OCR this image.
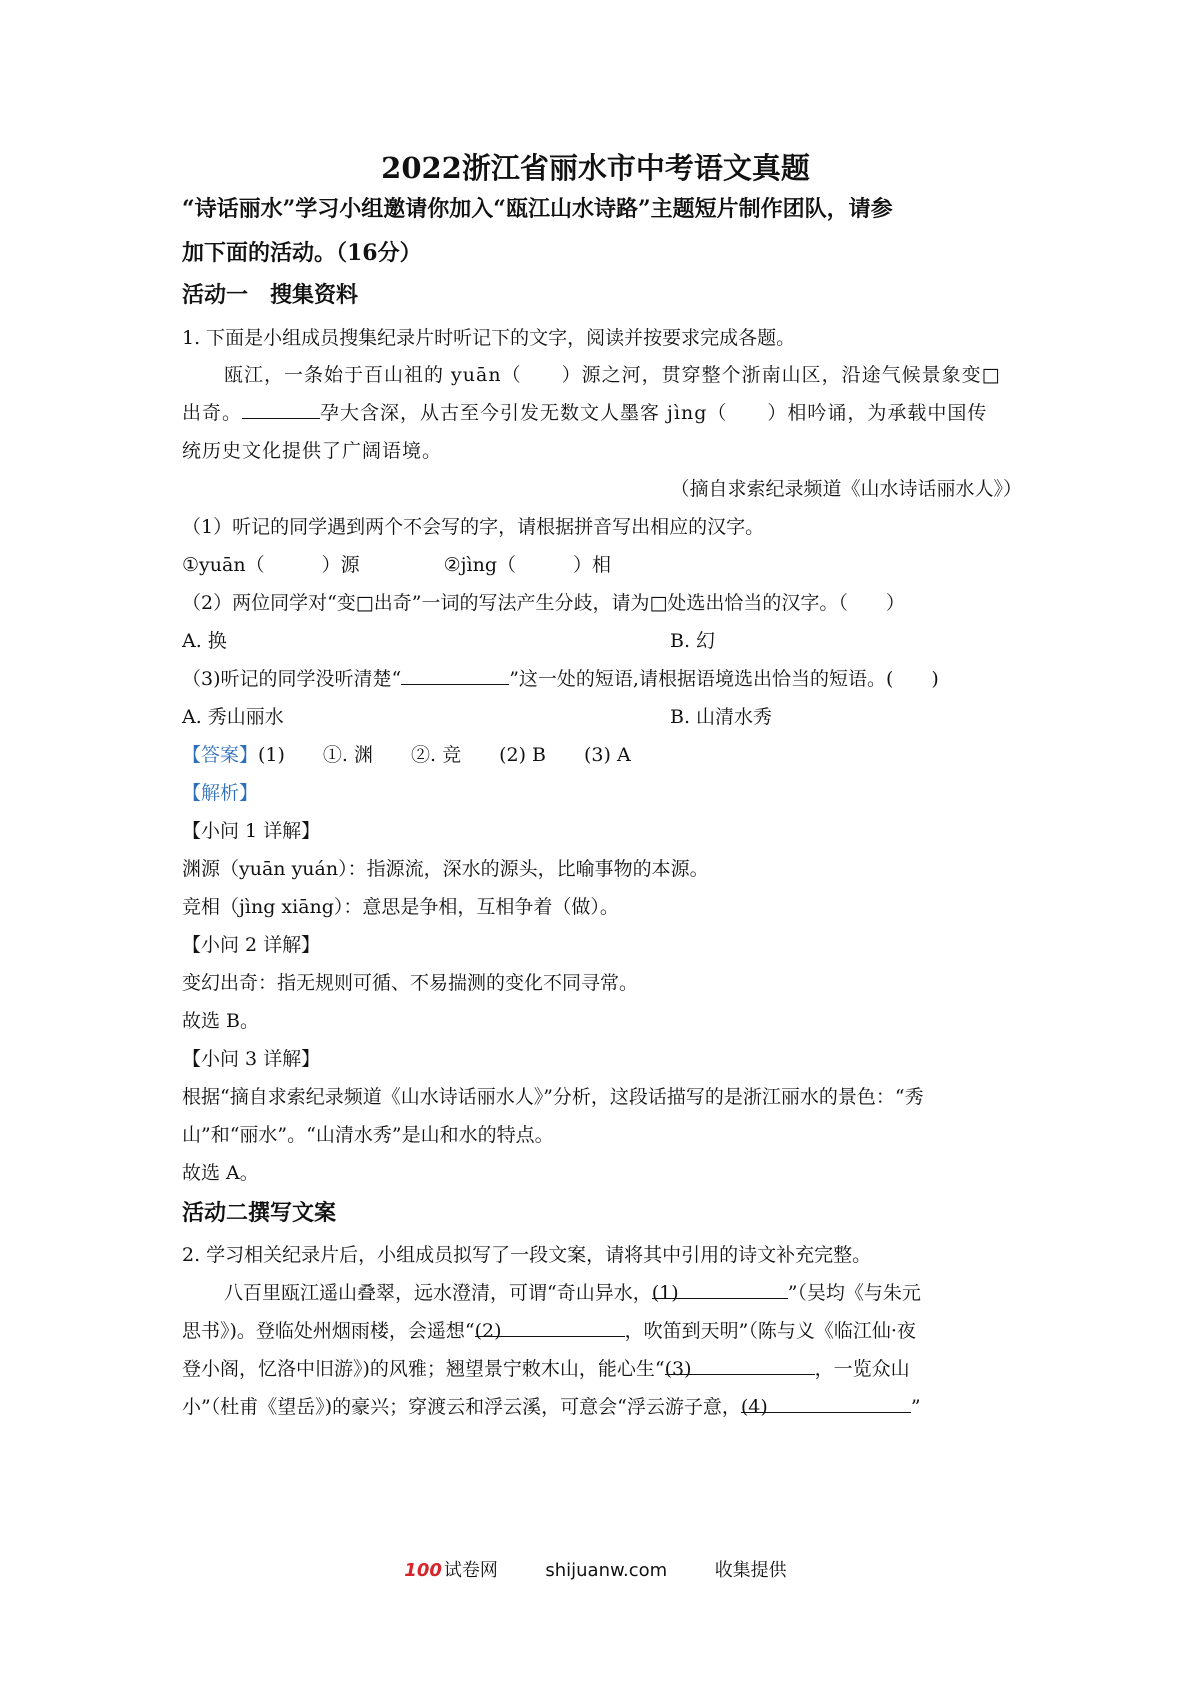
2022浙江省丽水市中考语文真题
“诗话丽水”学习小组邀请你加入“瓯江山水诗路”主题短片制作团队，请参
加下面的活动。（16分）
活动一　搜集资料
1. 下面是小组成员搜集纪录片时听记下的文字，阅读并按要求完成各题。
瓯江，一条始于百山祖的 yuān（　　）源之河，贯穿整个浙南山区，沿途气候景象变□
出奇。	孕大含深，从古至今引发无数文人墨客 jìng（　　）相吟诵，为承载中国传
统历史文化提供了广阔语境。
（摘自求索纪录频道《山水诗话丽水人》）
（1）听记的同学遇到两个不会写的字，请根据拼音写出相应的汉字。
①yuān（　　　）源	②jìng（　　　）相
（2）两位同学对“变□出奇”一词的写法产生分歧，请为□处选出恰当的汉字。（　　）
A. 换	B. 幻
（3)听记的同学没听清楚“	”这一处的短语,请根据语境选出恰当的短语。(　　)
A. 秀山丽水	B. 山清水秀
【答案】(1)　　①. 渊　　②. 竞　　(2) B　　(3) A
【解析】
【小问 1 详解】
渊源（yuān yuán）：指源流，深水的源头，比喻事物的本源。
竞相（jìng xiāng）：意思是争相，互相争着（做）。
【小问 2 详解】
变幻出奇：指无规则可循、不易揣测的变化不同寻常。
故选 B。
【小问 3 详解】
根据“摘自求索纪录频道《山水诗话丽水人》”分析，这段话描写的是浙江丽水的景色：“秀
山”和“丽水”。“山清水秀”是山和水的特点。
故选 A。
活动二撰写文案
2. 学习相关纪录片后，小组成员拟写了一段文案，请将其中引用的诗文补充完整。
八百里瓯江遥山叠翠，远水澄清，可谓“奇山异水，(1)	”（吴均《与朱元
思书》)。登临处州烟雨楼，会遥想“(2)	，吹笛到天明”（陈与义《临江仙·夜
登小阁，忆洛中旧游》)的风雅；翘望景宁敕木山，能心生“(3)	，一览众山
小”（杜甫《望岳》)的豪兴；穿渡云和浮云溪，可意会“浮云游子意，(4)	”
100 试卷网	shijuanw.com	收集提供
